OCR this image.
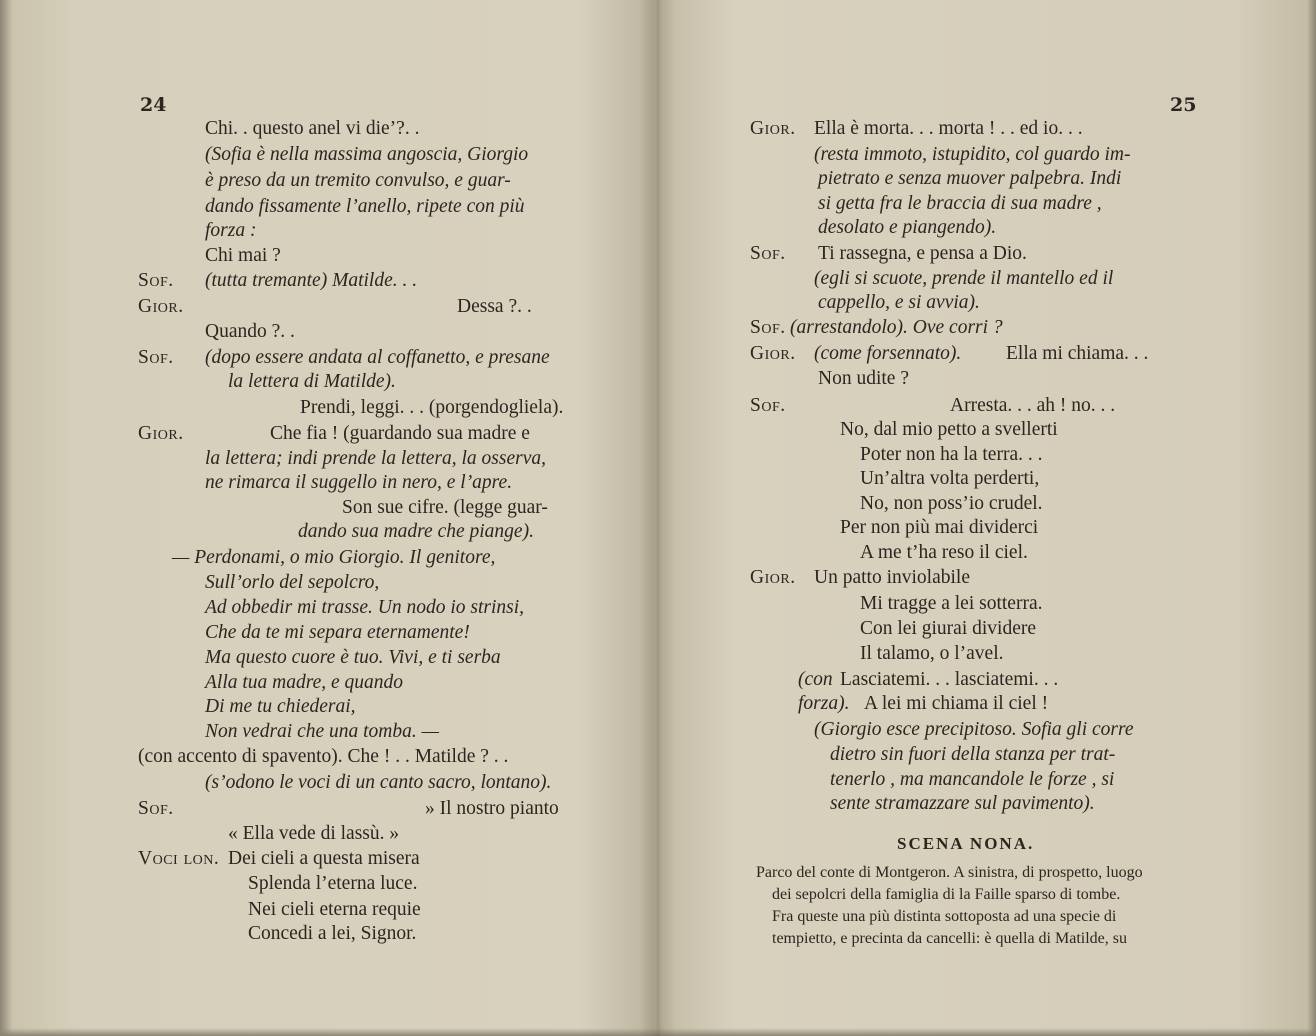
24
Chi. . questo anel vi die’?. .
(Sofia è nella massima angoscia, Giorgio
è preso da un tremito convulso, e guar-
dando fissamente l’anello, ripete con più
forza :
Chi mai ?
Sof. (tutta tremante) Matilde. . .
Gior.	Dessa ?. .
Quando ?. .
Sof. (dopo essere andata al coffanetto, e presane
la lettera di Matilde).
Prendi, leggi. . . (porgendogliela).
Gior.	Che fia ! (guardando sua madre e
la lettera; indi prende la lettera, la osserva,
ne rimarca il suggello in nero, e l’apre.
Son sue cifre. (legge guar-
dando sua madre che piange).
— Perdonami, o mio Giorgio. Il genitore,
Sull’orlo del sepolcro,
Ad obbedir mi trasse. Un nodo io strinsi,
Che da te mi separa eternamente!
Ma questo cuore è tuo. Vivi, e ti serba
Alla tua madre, e quando
Di me tu chiederai,
Non vedrai che una tomba. —
(con accento di spavento). Che ! . . Matilde ? . .
(s’odono le voci di un canto sacro, lontano).
Sof.	» Il nostro pianto
« Ella vede di lassù. »
Voci lon. Dei cieli a questa misera
Splenda l’eterna luce.
Nei cieli eterna requie
Concedi a lei, Signor.
25
Gior. Ella è morta. . . morta ! . . ed io. . .
(resta immoto, istupidito, col guardo im-
pietrato e senza muover palpebra. Indi
si getta fra le braccia di sua madre ,
desolato e piangendo).
Sof. Ti rassegna, e pensa a Dio.
(egli si scuote, prende il mantello ed il
cappello, e si avvia).
Sof. (arrestandolo). Ove corri ?
Gior. (come forsennato). Ella mi chiama. . .
Non udite ?
Sof.	Arresta. . . ah ! no. . .
No, dal mio petto a svellerti
Poter non ha la terra. . .
Un’altra volta perderti,
No, non poss’io crudel.
Per non più mai dividerci
A me t’ha reso il ciel.
Gior. Un patto inviolabile
Mi tragge a lei sotterra.
Con lei giurai dividere
Il talamo, o l’avel.
(con Lasciatemi. . . lasciatemi. . .
forza). A lei mi chiama il ciel !
(Giorgio esce precipitoso. Sofia gli corre
dietro sin fuori della stanza per trat-
tenerlo , ma mancandole le forze , si
sente stramazzare sul pavimento).
SCENA NONA.
Parco del conte di Montgeron. A sinistra, di prospetto, luogo
dei sepolcri della famiglia di la Faille sparso di tombe.
Fra queste una più distinta sottoposta ad una specie di
tempietto, e precinta da cancelli: è quella di Matilde, su
